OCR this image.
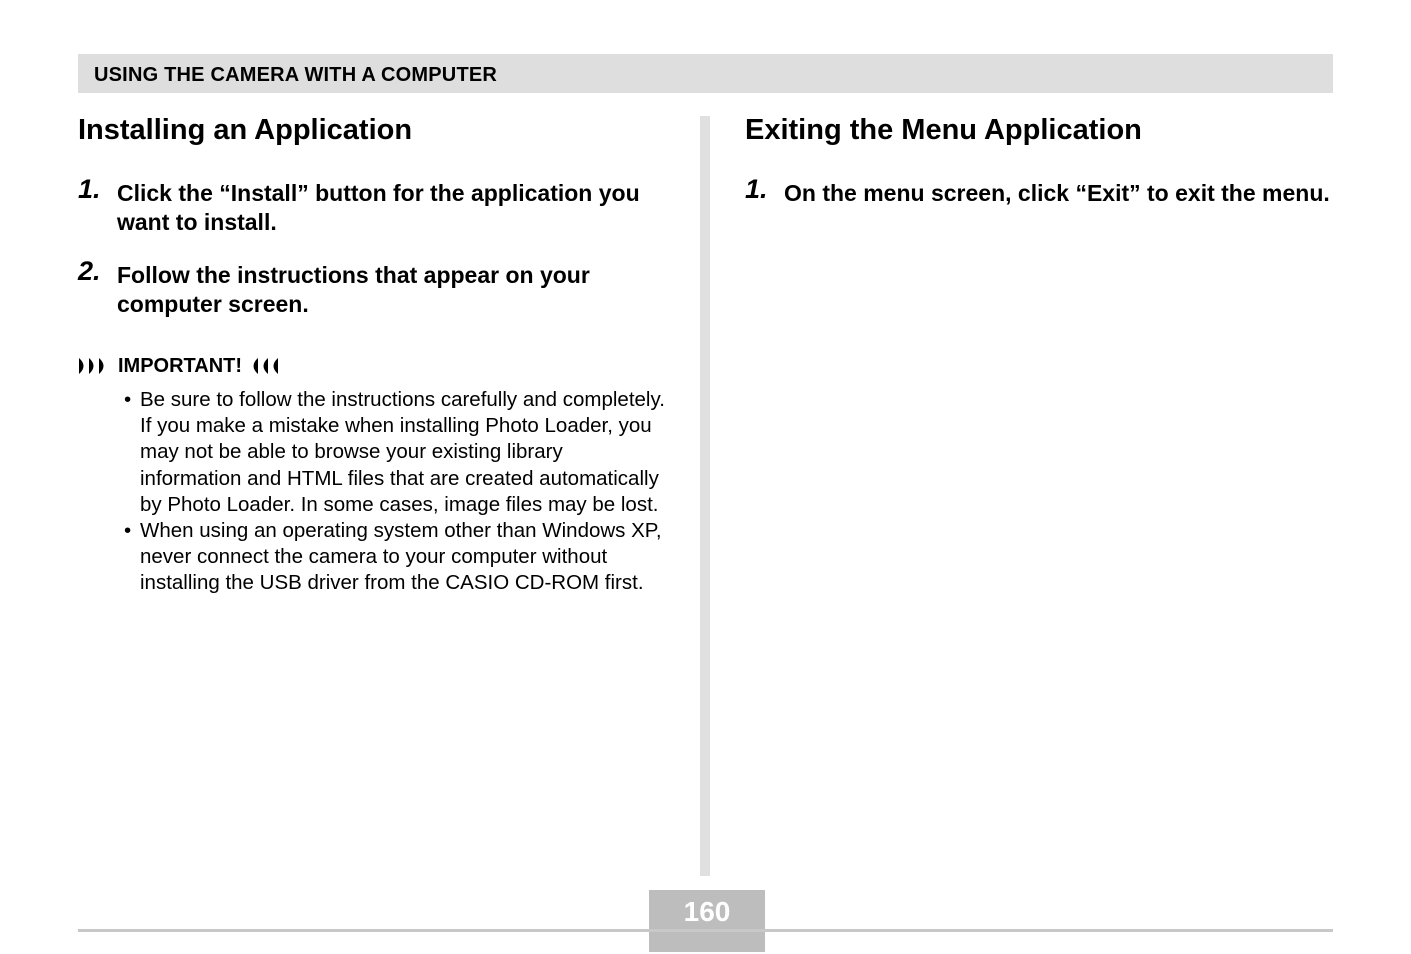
USING THE CAMERA WITH A COMPUTER
Installing an Application
1. Click the “Install” button for the application you want to install.
2. Follow the instructions that appear on your computer screen.
IMPORTANT!
• Be sure to follow the instructions carefully and completely. If you make a mistake when installing Photo Loader, you may not be able to browse your existing library information and HTML files that are created automatically by Photo Loader. In some cases, image files may be lost.
• When using an operating system other than Windows XP, never connect the camera to your computer without installing the USB driver from the CASIO CD-ROM first.
Exiting the Menu Application
1. On the menu screen, click “Exit” to exit the menu.
160
